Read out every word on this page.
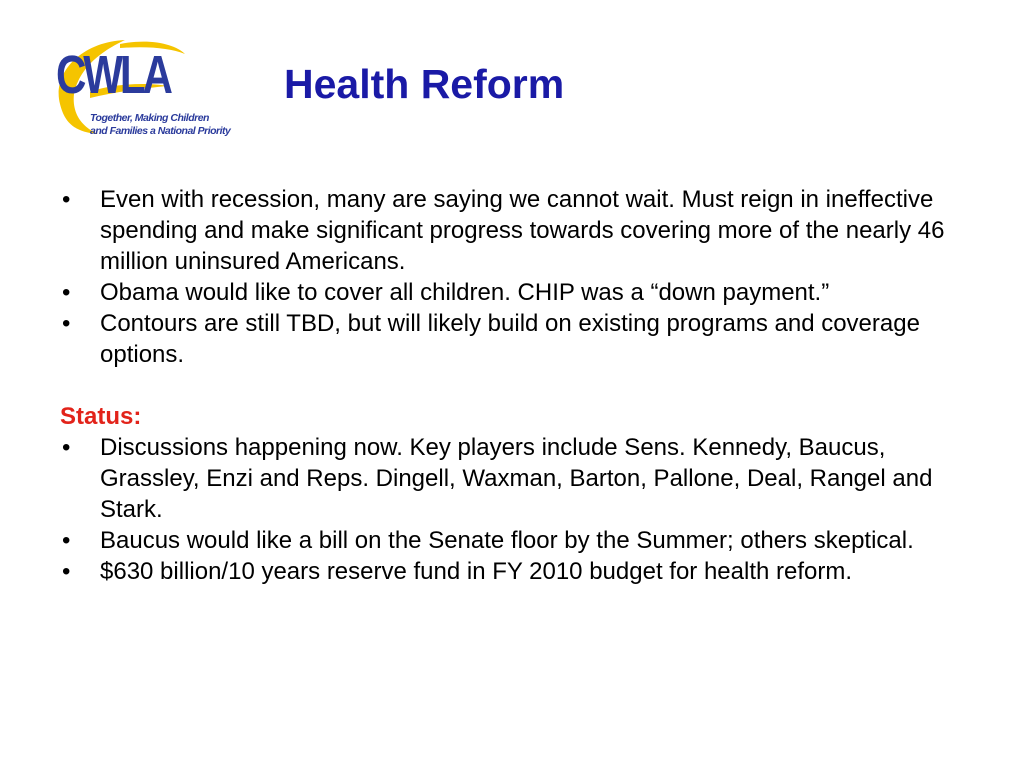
CWLA
Together, Making Children
and Families a National Priority
Health Reform
• Even with recession, many are saying we cannot wait. Must reign in ineffective spending and make significant progress towards covering more of the nearly 46 million uninsured Americans.
• Obama would like to cover all children. CHIP was a “down payment.”
• Contours are still TBD, but will likely build on existing programs and coverage options.

Status:

• Discussions happening now. Key players include Sens. Kennedy, Baucus, Grassley, Enzi and Reps. Dingell, Waxman, Barton, Pallone, Deal, Rangel and Stark.
• Baucus would like a bill on the Senate floor by the Summer; others skeptical.
• $630 billion/10 years reserve fund in FY 2010 budget for health reform.
